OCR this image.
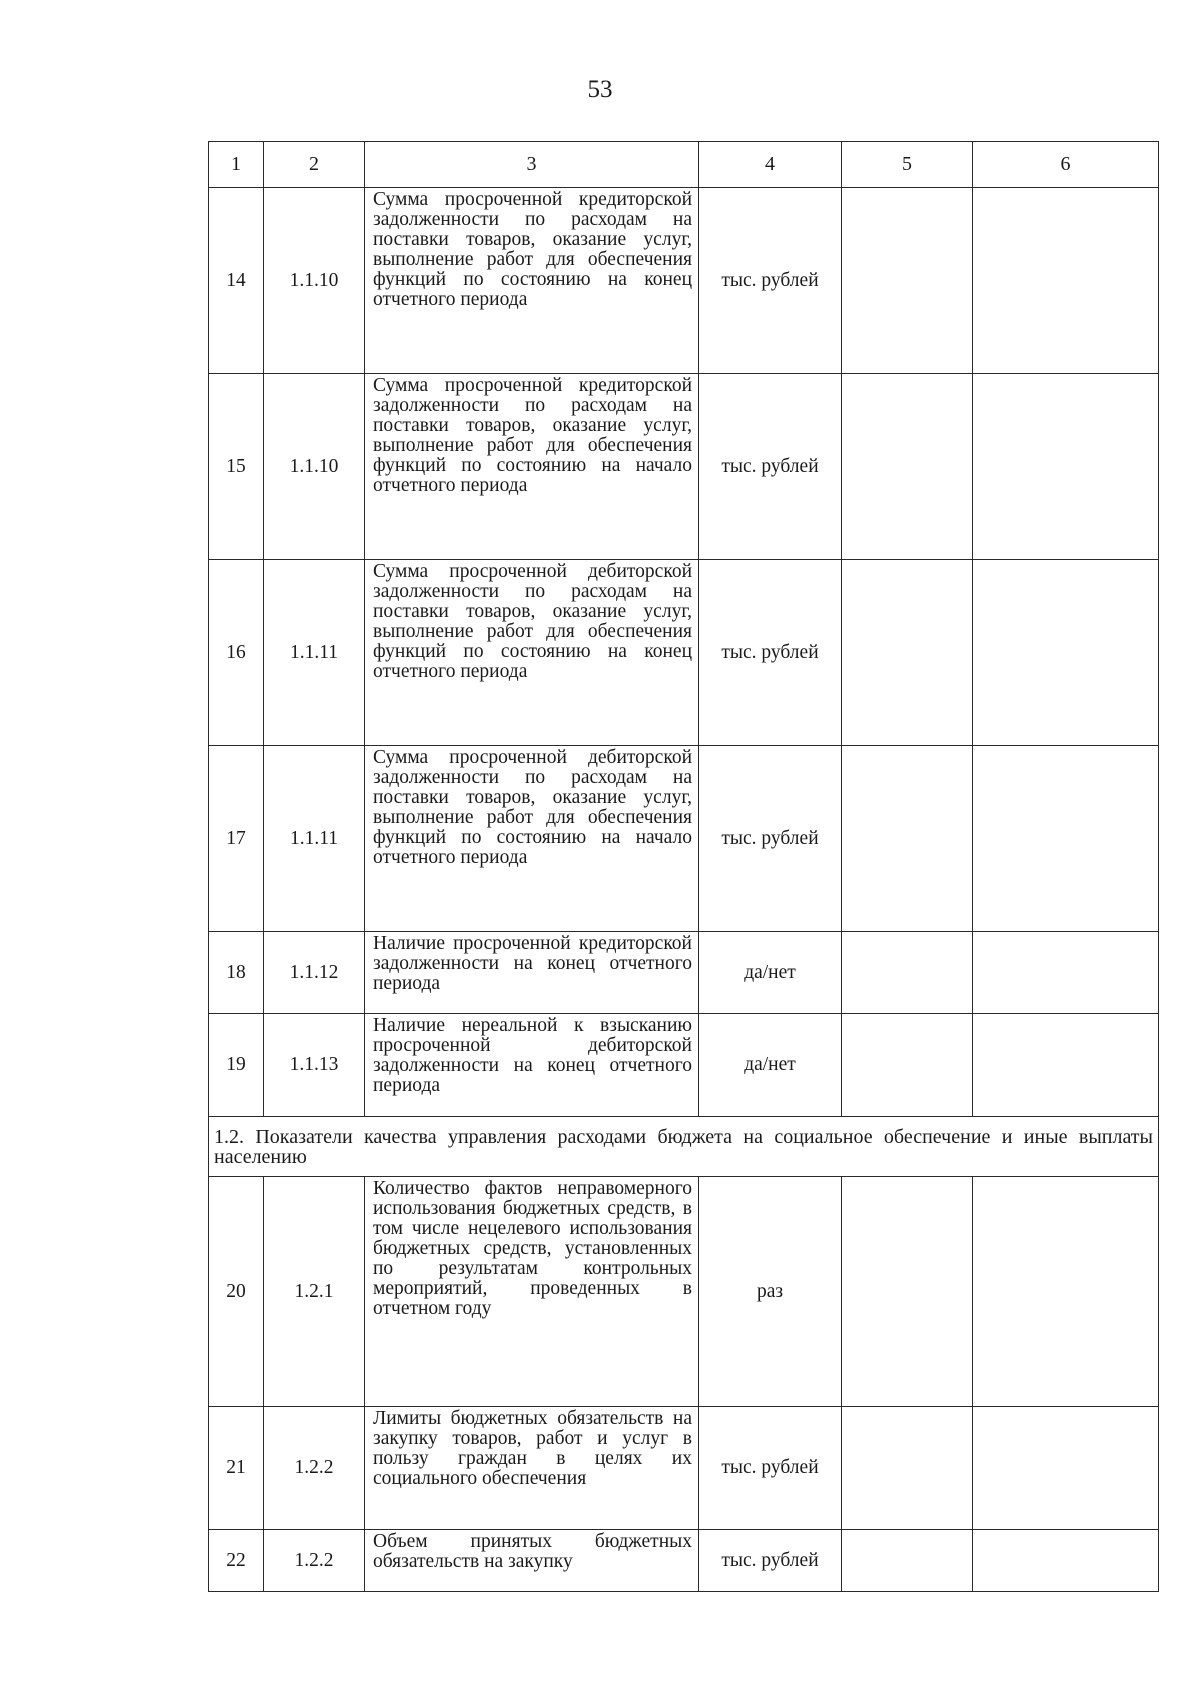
53
1	2	3	4	5	6
14	1.1.10	Сумма просроченной кредиторской задолженности по расходам на поставки товаров, оказание услуг, выполнение работ для обеспечения функций по состоянию на конец отчетного периода	тыс. рублей		
15	1.1.10	Сумма просроченной кредиторской задолженности по расходам на поставки товаров, оказание услуг, выполнение работ для обеспечения функций по состоянию на начало отчетного периода	тыс. рублей		
16	1.1.11	Сумма просроченной дебиторской задолженности по расходам на поставки товаров, оказание услуг, выполнение работ для обеспечения функций по состоянию на конец отчетного периода	тыс. рублей		
17	1.1.11	Сумма просроченной дебиторской задолженности по расходам на поставки товаров, оказание услуг, выполнение работ для обеспечения функций по состоянию на начало отчетного периода	тыс. рублей		
18	1.1.12	Наличие просроченной кредиторской задолженности на конец отчетного периода	да/нет		
19	1.1.13	Наличие нереальной к взысканию просроченной дебиторской задолженности на конец отчетного периода	да/нет		
1.2. Показатели качества управления расходами бюджета на социальное обеспечение и иные выплаты населению					
20	1.2.1	Количество фактов неправомерного использования бюджетных средств, в том числе нецелевого использования бюджетных средств, установленных по результатам контрольных мероприятий, проведенных в отчетном году	раз		
21	1.2.2	Лимиты бюджетных обязательств на закупку товаров, работ и услуг в пользу граждан в целях их социального обеспечения	тыс. рублей		
22	1.2.2	Объем принятых бюджетных обязательств на закупку	тыс. рублей		
